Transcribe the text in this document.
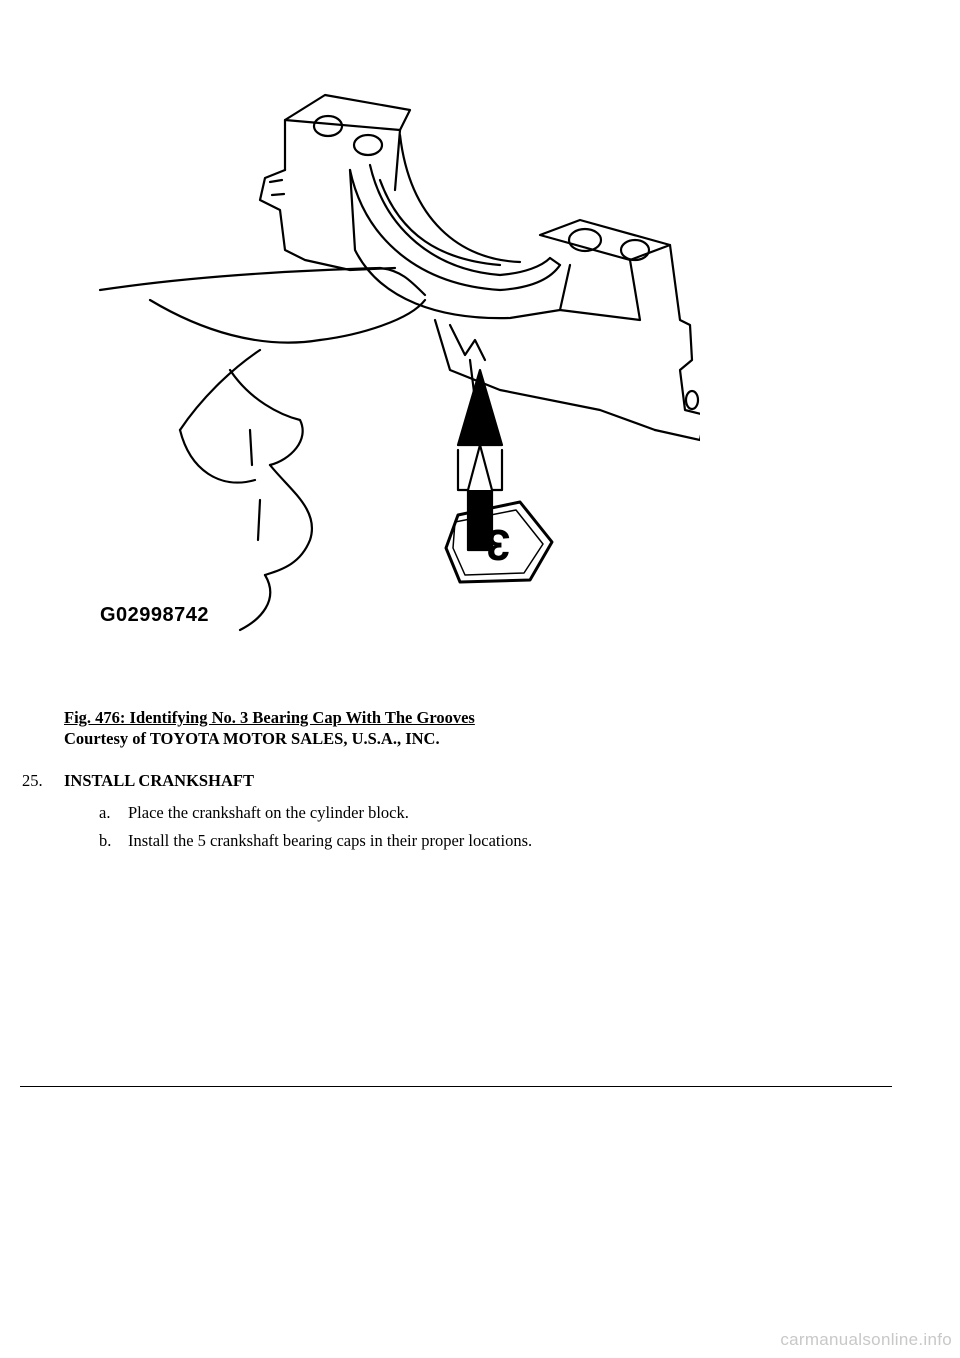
3
G02998742
Fig. 476: Identifying No. 3 Bearing Cap With The Grooves
Courtesy of TOYOTA MOTOR SALES, U.S.A., INC.
25. INSTALL CRANKSHAFT
a. Place the crankshaft on the cylinder block.
b. Install the 5 crankshaft bearing caps in their proper locations.
carmanualsonline.info
